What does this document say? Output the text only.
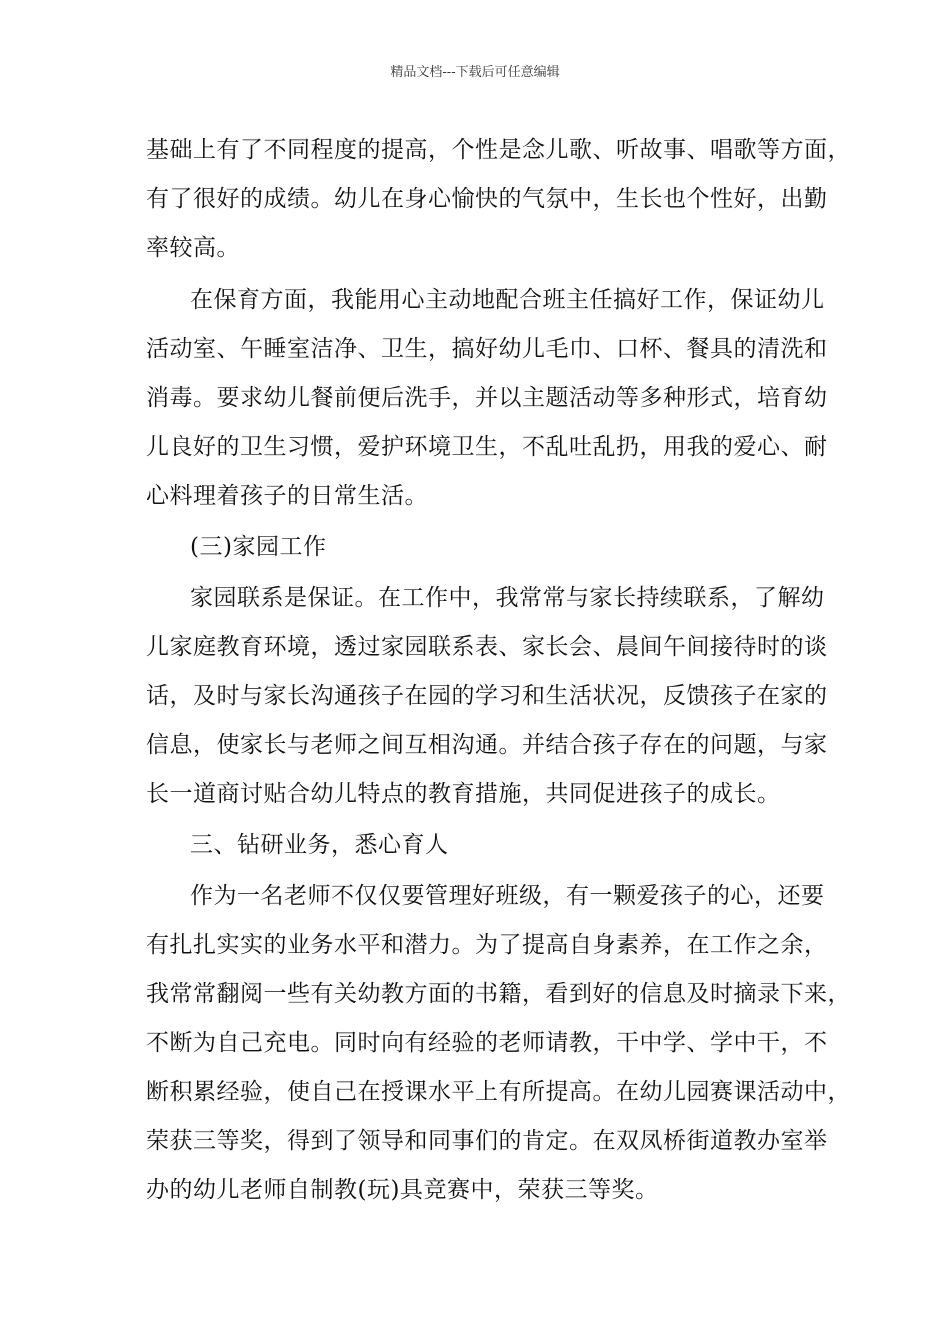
精品文档---下载后可任意编辑
基础上有了不同程度的提高，个性是念儿歌、听故事、唱歌等方面，
有了很好的成绩。幼儿在身心愉快的气氛中，生长也个性好，出勤
率较高。
在保育方面，我能用心主动地配合班主任搞好工作，保证幼儿
活动室、午睡室洁净、卫生，搞好幼儿毛巾、口杯、餐具的清洗和
消毒。要求幼儿餐前便后洗手，并以主题活动等多种形式，培育幼
儿良好的卫生习惯，爱护环境卫生，不乱吐乱扔，用我的爱心、耐
心料理着孩子的日常生活。
(三)家园工作
家园联系是保证。在工作中，我常常与家长持续联系，了解幼
儿家庭教育环境，透过家园联系表、家长会、晨间午间接待时的谈
话，及时与家长沟通孩子在园的学习和生活状况，反馈孩子在家的
信息，使家长与老师之间互相沟通。并结合孩子存在的问题，与家
长一道商讨贴合幼儿特点的教育措施，共同促进孩子的成长。
三、钻研业务，悉心育人
作为一名老师不仅仅要管理好班级，有一颗爱孩子的心，还要
有扎扎实实的业务水平和潜力。为了提高自身素养，在工作之余，
我常常翻阅一些有关幼教方面的书籍，看到好的信息及时摘录下来，
不断为自己充电。同时向有经验的老师请教，干中学、学中干，不
断积累经验，使自己在授课水平上有所提高。在幼儿园赛课活动中，
荣获三等奖，得到了领导和同事们的肯定。在双凤桥街道教办室举
办的幼儿老师自制教(玩)具竞赛中，荣获三等奖。
